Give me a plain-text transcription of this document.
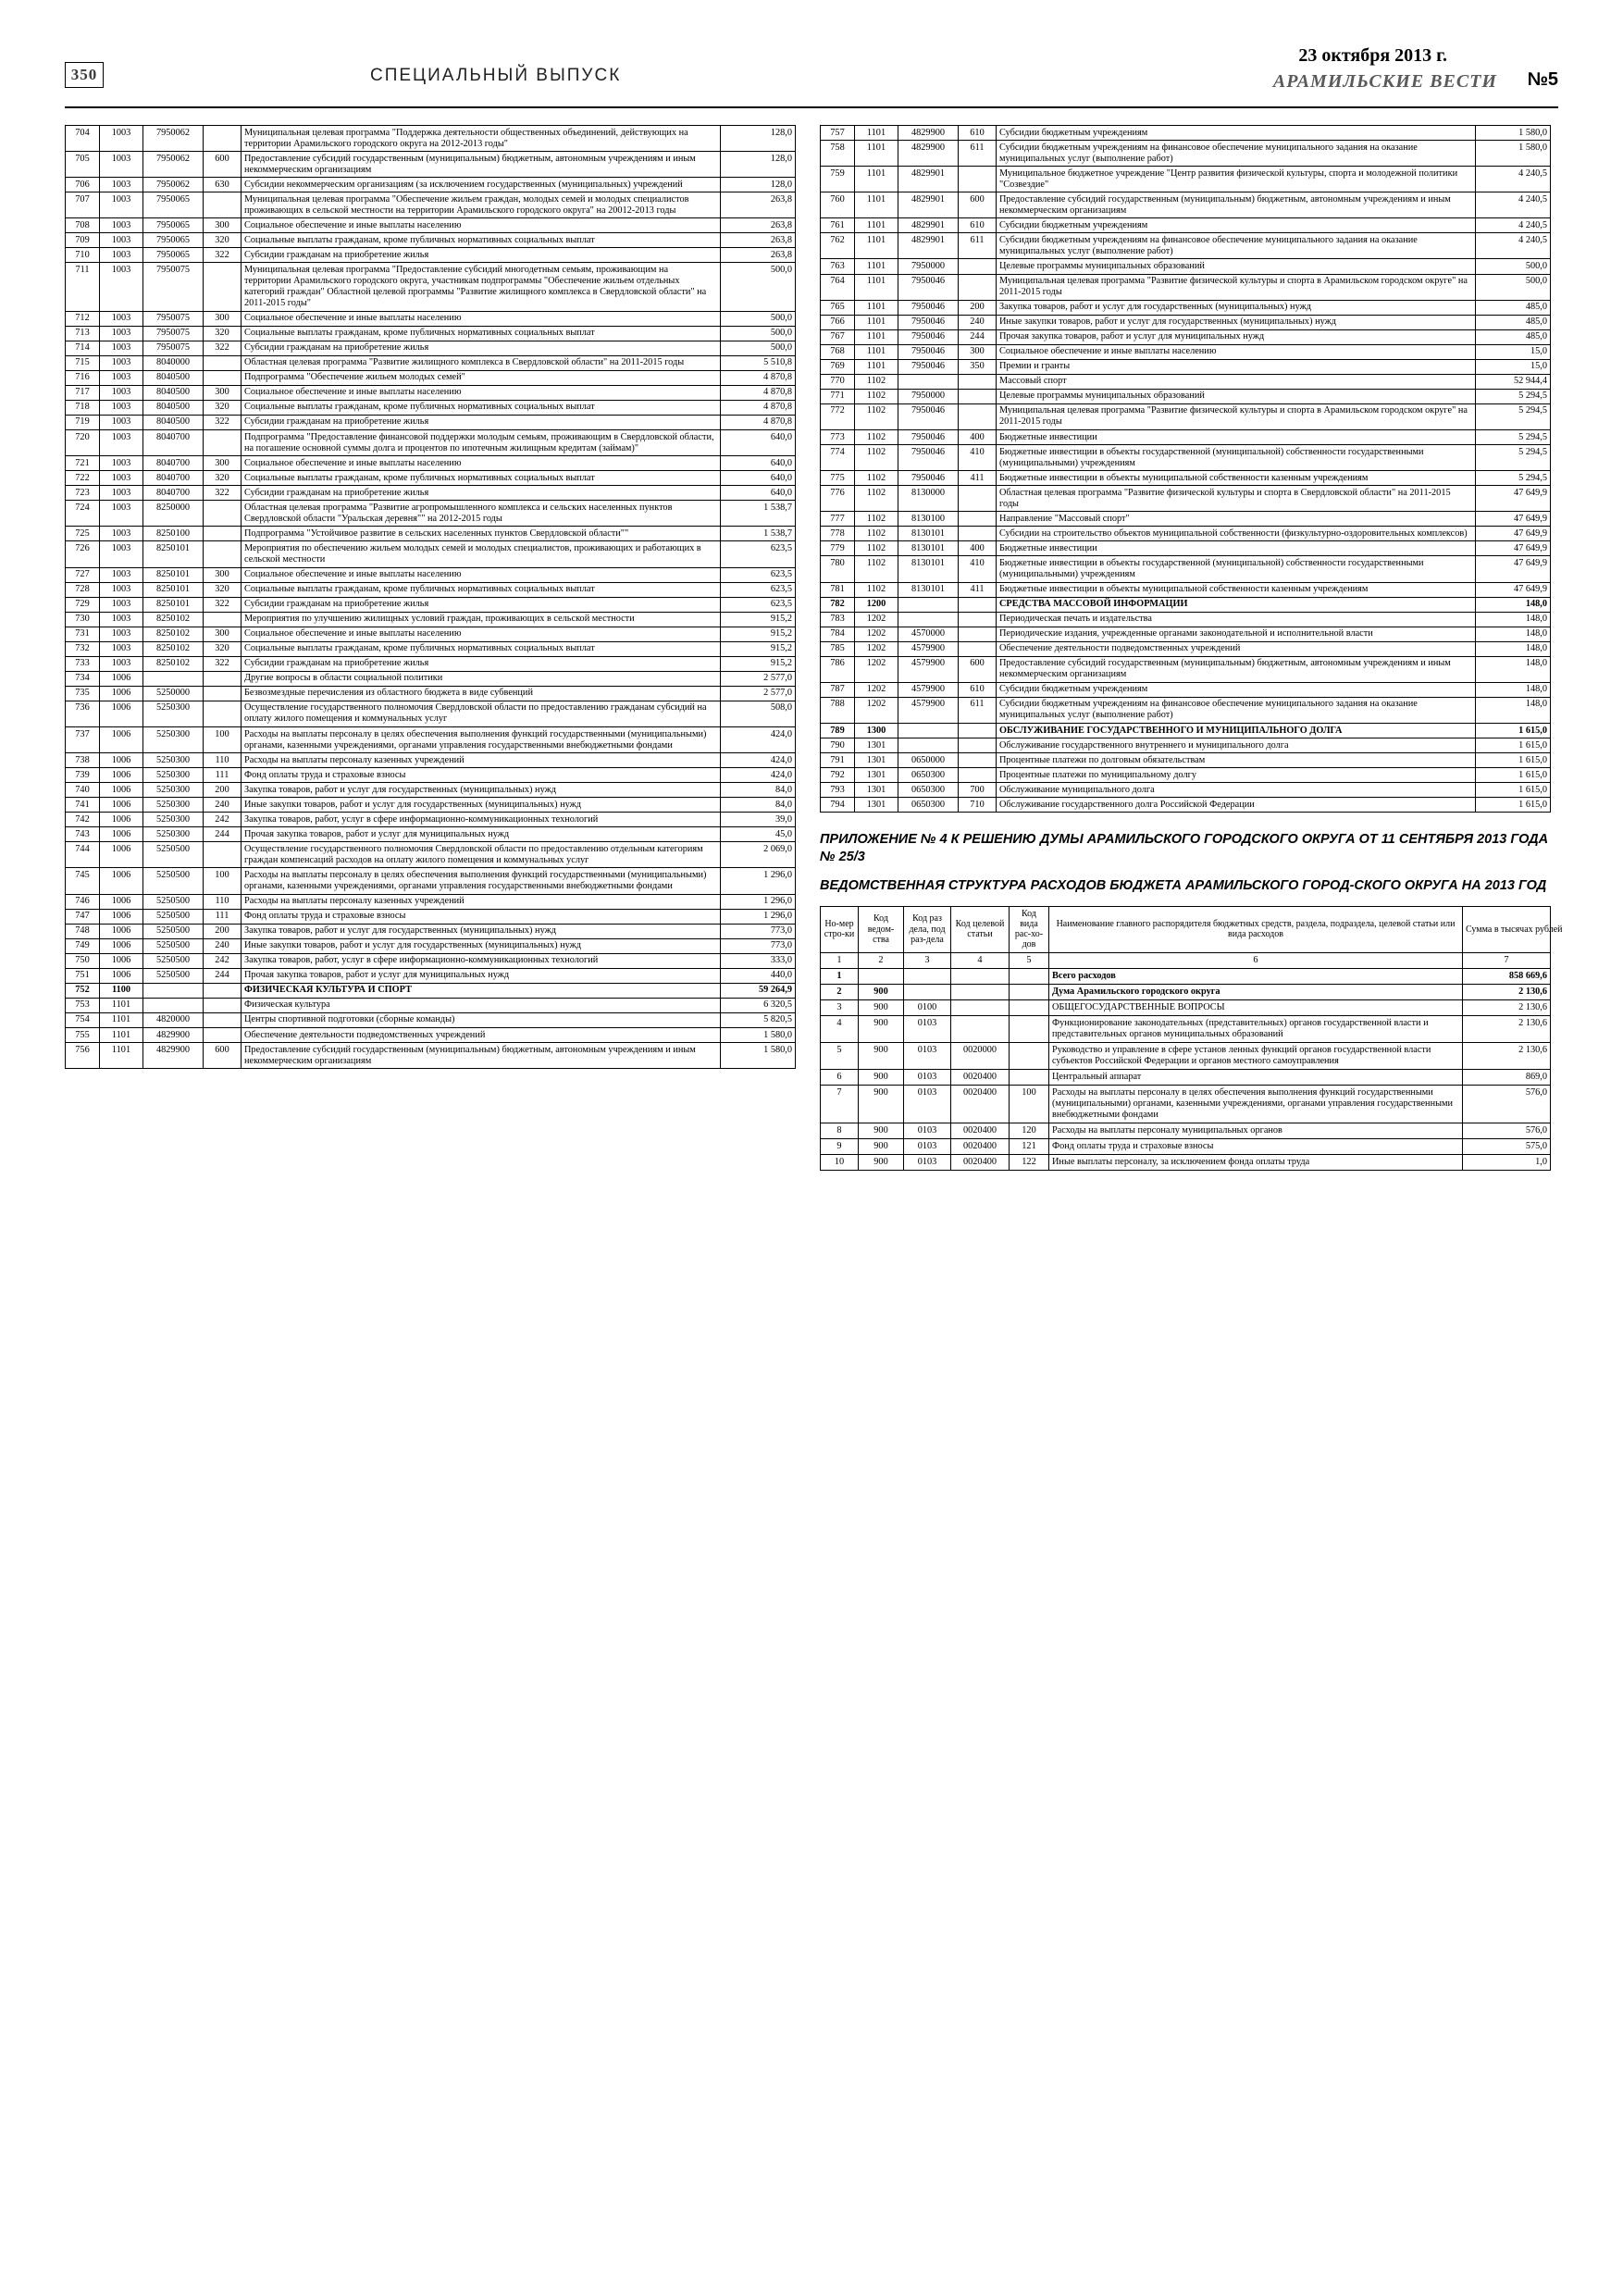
350	СПЕЦИАЛЬНЫЙ ВЫПУСК
23 октября 2013 г.
АРАМИЛЬСКИЕ ВЕСТИ №5
704	1003	7950062		Муниципальная целевая программа "Поддержка деятельности общественных объединений, действующих на территории Арамильского городского округа на 2012-2013 годы"	128,0
705	1003	7950062	600	Предоставление субсидий государственным (муниципальным) бюджетным, автономным учреждениям и иным некоммерческим организациям	128,0
706	1003	7950062	630	Субсидии некоммерческим организациям (за исключением государственных (муниципальных) учреждений	128,0
707	1003	7950065		Муниципальная целевая программа "Обеспечение жильем граждан, молодых семей и молодых специалистов проживающих в сельской местности на территории Арамильского городского округа" на 20012-2013 годы	263,8
708	1003	7950065	300	Социальное обеспечение и иные выплаты населению	263,8
709	1003	7950065	320	Социальные выплаты гражданам, кроме публичных нормативных социальных выплат	263,8
710	1003	7950065	322	Субсидии гражданам на приобретение жилья	263,8
711	1003	7950075		Муниципальная целевая программа "Предоставление субсидий многодетным семьям, проживающим на территории Арамильского городского округа, участникам подпрограммы "Обеспечение жильем отдельных категорий граждан" Областной целевой программы "Развитие жилищного комплекса в Свердловской области" на 2011-2015 годы"	500,0
712	1003	7950075	300	Социальное обеспечение и иные выплаты населению	500,0
713	1003	7950075	320	Социальные выплаты гражданам, кроме публичных нормативных социальных выплат	500,0
714	1003	7950075	322	Субсидии гражданам на приобретение жилья	500,0
715	1003	8040000		Областная целевая программа "Развитие жилищного комплекса в Свердловской области" на 2011-2015 годы	5 510,8
716	1003	8040500		Подпрограмма "Обеспечение жильем молодых семей"	4 870,8
717	1003	8040500	300	Социальное обеспечение и иные выплаты населению	4 870,8
718	1003	8040500	320	Социальные выплаты гражданам, кроме публичных нормативных социальных выплат	4 870,8
719	1003	8040500	322	Субсидии гражданам на приобретение жилья	4 870,8
720	1003	8040700		Подпрограмма "Предоставление финансовой поддержки молодым семьям, проживающим в Свердловской области, на погашение основной суммы долга и процентов по ипотечным жилищным кредитам (займам)"	640,0
721	1003	8040700	300	Социальное обеспечение и иные выплаты населению	640,0
722	1003	8040700	320	Социальные выплаты гражданам, кроме публичных нормативных социальных выплат	640,0
723	1003	8040700	322	Субсидии гражданам на приобретение жилья	640,0
724	1003	8250000		Областная целевая программа "Развитие агропромышленного комплекса и сельских населенных пунктов Свердловской области "Уральская деревня"" на 2012-2015 годы	1 538,7
725	1003	8250100		Подпрограмма "Устойчивое развитие в сельских населенных пунктов Свердловской области""	1 538,7
726	1003	8250101		Мероприятия по обеспечению жильем молодых семей и молодых специалистов, проживающих и работающих в сельской местности	623,5
727	1003	8250101	300	Социальное обеспечение и иные выплаты населению	623,5
728	1003	8250101	320	Социальные выплаты гражданам, кроме публичных нормативных социальных выплат	623,5
729	1003	8250101	322	Субсидии гражданам на приобретение жилья	623,5
730	1003	8250102		Мероприятия по улучшению жилищных условий граждан, проживающих в сельской местности	915,2
731	1003	8250102	300	Социальное обеспечение и иные выплаты населению	915,2
732	1003	8250102	320	Социальные выплаты гражданам, кроме публичных нормативных социальных выплат	915,2
733	1003	8250102	322	Субсидии гражданам на приобретение жилья	915,2
734	1006			Другие вопросы в области социальной политики	2 577,0
735	1006	5250000		Безвозмездные перечисления из областного бюджета в виде субвенций	2 577,0
736	1006	5250300		Осуществление государственного полномочия Свердловской области по предоставлению гражданам субсидий на оплату жилого помещения и коммунальных услуг	508,0
737	1006	5250300	100	Расходы на выплаты персоналу в целях обеспечения выполнения функций государственными (муниципальными) органами, казенными учреждениями, органами управления государственными внебюджетными фондами	424,0
738	1006	5250300	110	Расходы на выплаты персоналу казенных учреждений	424,0
739	1006	5250300	111	Фонд оплаты труда и страховые взносы	424,0
740	1006	5250300	200	Закупка товаров, работ и услуг для государственных (муниципальных) нужд	84,0
741	1006	5250300	240	Иные закупки товаров, работ и услуг для государственных (муниципальных) нужд	84,0
742	1006	5250300	242	Закупка товаров, работ, услуг в сфере информационно-коммуникационных технологий	39,0
743	1006	5250300	244	Прочая закупка товаров, работ и услуг для муниципальных нужд	45,0
744	1006	5250500		Осуществление государственного полномочия Свердловской области по предоставлению отдельным категориям граждан компенсаций расходов на оплату жилого помещения и коммунальных услуг	2 069,0
745	1006	5250500	100	Расходы на выплаты персоналу в целях обеспечения выполнения функций государственными (муниципальными) органами, казенными учреждениями, органами управления государственными внебюджетными фондами	1 296,0
746	1006	5250500	110	Расходы на выплаты персоналу казенных учреждений	1 296,0
747	1006	5250500	111	Фонд оплаты труда и страховые взносы	1 296,0
748	1006	5250500	200	Закупка товаров, работ и услуг для государственных (муниципальных) нужд	773,0
749	1006	5250500	240	Иные закупки товаров, работ и услуг для государственных (муниципальных) нужд	773,0
750	1006	5250500	242	Закупка товаров, работ, услуг в сфере информационно-коммуникационных технологий	333,0
751	1006	5250500	244	Прочая закупка товаров, работ и услуг для муниципальных нужд	440,0
752	1100			ФИЗИЧЕСКАЯ КУЛЬТУРА И СПОРТ	59 264,9
753	1101			Физическая культура	6 320,5
754	1101	4820000		Центры спортивной подготовки (сборные команды)	5 820,5
755	1101	4829900		Обеспечение деятельности подведомственных учреждений	1 580,0
756	1101	4829900	600	Предоставление субсидий государственным (муниципальным) бюджетным, автономным учреждениям и иным некоммерческим организациям	1 580,0
757	1101	4829900	610	Субсидии бюджетным учреждениям	1 580,0
758	1101	4829900	611	Субсидии бюджетным учреждениям на финансовое обеспечение муниципального задания на оказание муниципальных услуг (выполнение работ)	1 580,0
759	1101	4829901		Муниципальное бюджетное учреждение "Центр развития физической культуры, спорта и молодежной политики "Созвездие"	4 240,5
760	1101	4829901	600	Предоставление субсидий государственным (муниципальным) бюджетным, автономным учреждениям и иным некоммерческим организациям	4 240,5
761	1101	4829901	610	Субсидии бюджетным учреждениям	4 240,5
762	1101	4829901	611	Субсидии бюджетным учреждениям на финансовое обеспечение муниципального задания на оказание муниципальных услуг (выполнение работ)	4 240,5
763	1101	7950000		Целевые программы муниципальных образований	500,0
764	1101	7950046		Муниципальная целевая программа "Развитие физической культуры и спорта в Арамильском городском округе" на 2011-2015 годы	500,0
765	1101	7950046	200	Закупка товаров, работ и услуг для государственных (муниципальных) нужд	485,0
766	1101	7950046	240	Иные закупки товаров, работ и услуг для государственных (муниципальных) нужд	485,0
767	1101	7950046	244	Прочая закупка товаров, работ и услуг для муниципальных нужд	485,0
768	1101	7950046	300	Социальное обеспечение и иные выплаты населению	15,0
769	1101	7950046	350	Премии и гранты	15,0
770	1102			Массовый спорт	52 944,4
771	1102	7950000		Целевые программы муниципальных образований	5 294,5
772	1102	7950046		Муниципальная целевая программа "Развитие физической культуры и спорта в Арамильском городском округе" на 2011-2015 годы	5 294,5
773	1102	7950046	400	Бюджетные инвестиции	5 294,5
774	1102	7950046	410	Бюджетные инвестиции в объекты государственной (муниципальной) собственности государственными (муниципальными) учреждениям	5 294,5
775	1102	7950046	411	Бюджетные инвестиции в объекты муниципальной собственности казенным учреждениям	5 294,5
776	1102	8130000		Областная целевая программа "Развитие физической культуры и спорта в Свердловской области" на 2011-2015 годы	47 649,9
777	1102	8130100		Направление "Массовый спорт"	47 649,9
778	1102	8130101		Субсидии на строительство объектов муниципальной собственности (физкультурно-оздоровительных комплексов)	47 649,9
779	1102	8130101	400	Бюджетные инвестиции	47 649,9
780	1102	8130101	410	Бюджетные инвестиции в объекты государственной (муниципальной) собственности государственными (муниципальными) учреждениям	47 649,9
781	1102	8130101	411	Бюджетные инвестиции в объекты муниципальной собственности казенным учреждениям	47 649,9
782	1200			СРЕДСТВА МАССОВОЙ ИНФОРМАЦИИ	148,0
783	1202			Периодическая печать и издательства	148,0
784	1202	4570000		Периодические издания, учрежденные органами законодательной и исполнительной власти	148,0
785	1202	4579900		Обеспечение деятельности подведомственных учреждений	148,0
786	1202	4579900	600	Предоставление субсидий государственным (муниципальным) бюджетным, автономным учреждениям и иным некоммерческим организациям	148,0
787	1202	4579900	610	Субсидии бюджетным учреждениям	148,0
788	1202	4579900	611	Субсидии бюджетным учреждениям на финансовое обеспечение муниципального задания на оказание муниципальных услуг (выполнение работ)	148,0
789	1300			ОБСЛУЖИВАНИЕ ГОСУДАРСТВЕННОГО И МУНИЦИПАЛЬНОГО ДОЛГА	1 615,0
790	1301			Обслуживание государственного внутреннего и муниципального долга	1 615,0
791	1301	0650000		Процентные платежи по долговым обязательствам	1 615,0
792	1301	0650300		Процентные платежи по муниципальному долгу	1 615,0
793	1301	0650300	700	Обслуживание муниципального долга	1 615,0
794	1301	0650300	710	Обслуживание государственного долга Российской Федерации	1 615,0
ПРИЛОЖЕНИЕ № 4 К РЕШЕНИЮ ДУМЫ АРАМИЛЬСКОГО ГОРОДСКОГО ОКРУГА ОТ 11 СЕНТЯБРЯ 2013 ГОДА № 25/3
ВЕДОМСТВЕННАЯ СТРУКТУРА РАСХОДОВ БЮДЖЕТА АРАМИЛЬСКОГО ГОРОД-СКОГО ОКРУГА НА 2013 ГОД
Но-мер стро-ки	Код ведом-ства	Код раз дела, под раз-дела	Код целевой статьи	Код вида рас-хо-дов	Наименование главного распорядителя бюджетных средств, раздела, подраздела, целевой статьи или вида расходов	Сумма в тысячах рублей
1	2	3	4	5	6	7
1					Всего расходов	858 669,6
2	900				Дума Арамильского городского округа	2 130,6
3	900	0100			ОБЩЕГОСУДАРСТВЕННЫЕ ВОПРОСЫ	2 130,6
4	900	0103			Функционирование законодательных (представительных) органов государственной власти и представительных органов муниципальных образований	2 130,6
5	900	0103	0020000		Руководство и управление в сфере установ ленных функций органов государственной власти субъектов Российской Федерации и органов местного самоуправления	2 130,6
6	900	0103	0020400		Центральный аппарат	869,0
7	900	0103	0020400	100	Расходы на выплаты персоналу в целях обеспечения выполнения функций государственными (муниципальными) органами, казенными учреждениями, органами управления государственными внебюджетными фондами	576,0
8	900	0103	0020400	120	Расходы на выплаты персоналу муниципальных органов	576,0
9	900	0103	0020400	121	Фонд оплаты труда и страховые взносы	575,0
10	900	0103	0020400	122	Иные выплаты персоналу, за исключением фонда оплаты труда	1,0
